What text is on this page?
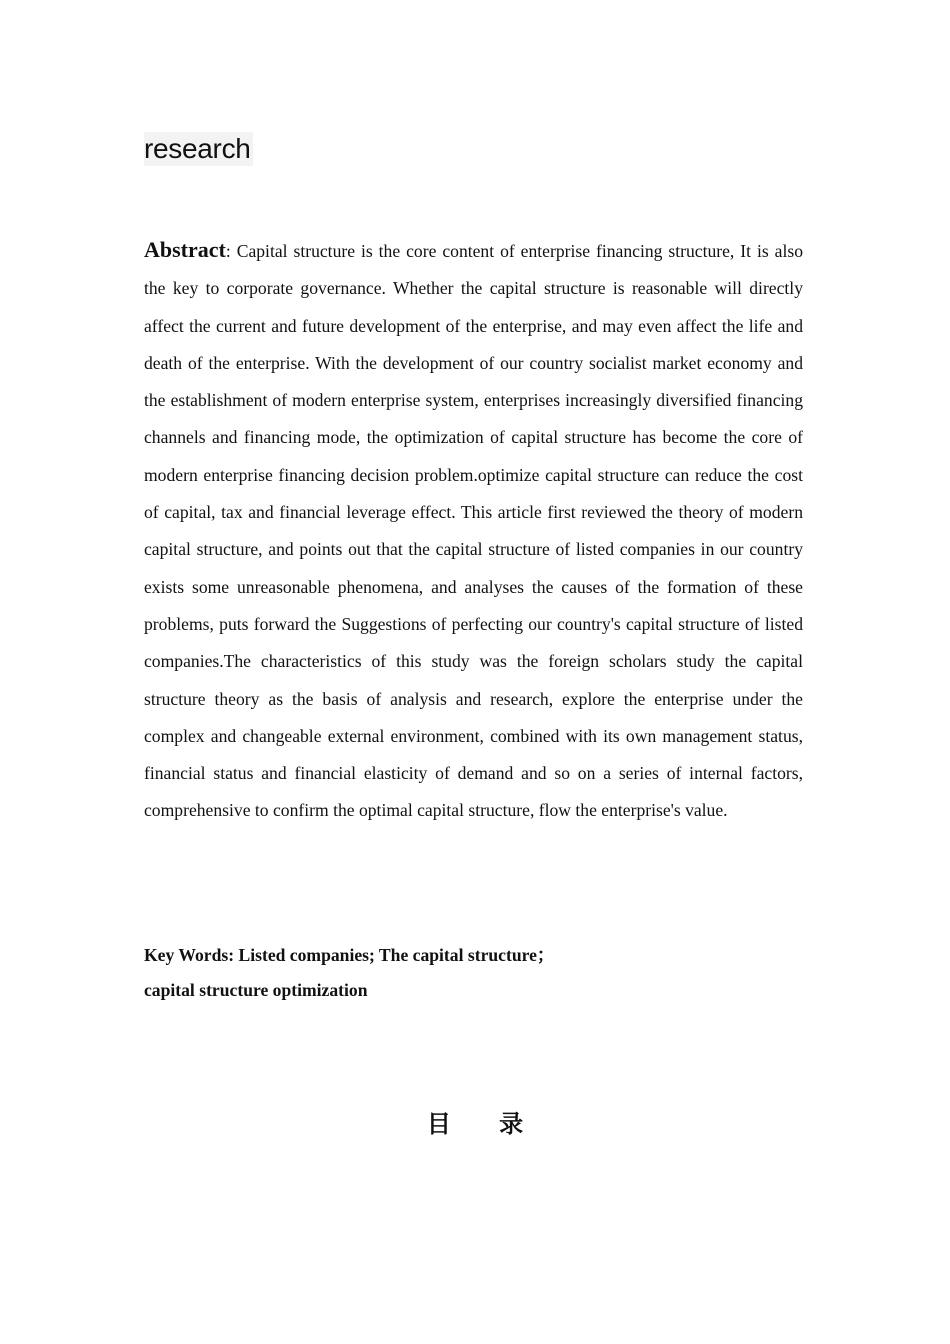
research

Abstract: Capital structure is the core content of enterprise financing structure, It is also the key to corporate governance. Whether the capital structure is reasonable will directly affect the current and future development of the enterprise, and may even affect the life and death of the enterprise. With the development of our country socialist market economy and the establishment of modern enterprise system, enterprises increasingly diversified financing channels and financing mode, the optimization of capital structure has become the core of modern enterprise financing decision problem.optimize capital structure can reduce the cost of capital, tax and financial leverage effect. This article first reviewed the theory of modern capital structure, and points out that the capital structure of listed companies in our country exists some unreasonable phenomena, and analyses the causes of the formation of these problems, puts forward the Suggestions of perfecting our country's capital structure of listed companies.The characteristics of this study was the foreign scholars study the capital structure theory as the basis of analysis and research, explore the enterprise under the complex and changeable external environment, combined with its own management status, financial status and financial elasticity of demand and so on a series of internal factors, comprehensive to confirm the optimal capital structure, flow the enterprise's value.

Key Words: Listed companies; The capital structure；
capital structure optimization
目 录
